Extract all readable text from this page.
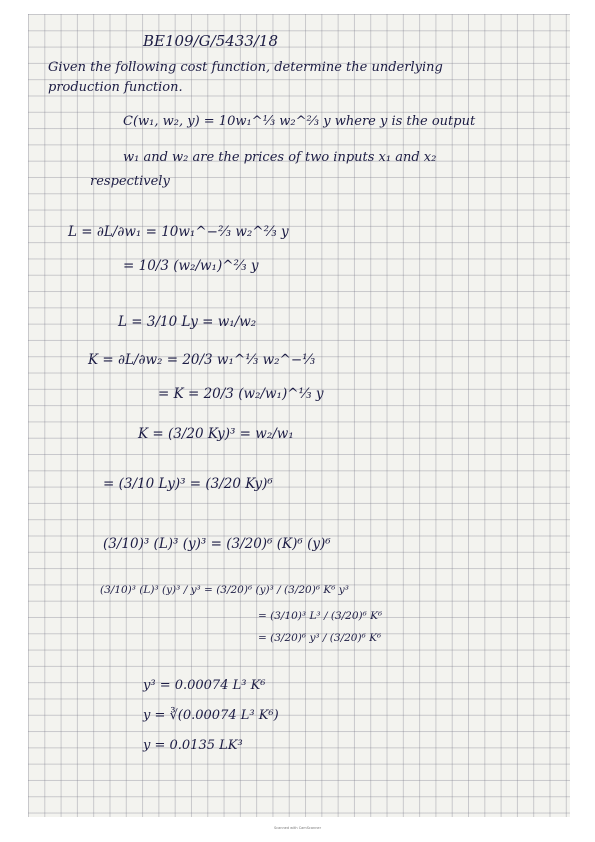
BE109/G/5433/18
Given the following cost function, determine the underlying
production function.
C(w₁, w₂, y) = 10w₁^⅓ w₂^⅔ y where y is the output
w₁ and w₂ are the prices of two inputs x₁ and x₂
respectively
L = ∂L/∂w₁ = 10w₁^−⅔ w₂^⅔ y
= 10/3 (w₂/w₁)^⅔ y
L = 3/10 Ly = w₁/w₂
K = ∂L/∂w₂ = 20/3 w₁^⅓ w₂^−⅓
= K = 20/3 (w₂/w₁)^⅓ y
K = (3/20 Ky)³ = w₂/w₁
= (3/10 Ly)³ = (3/20 Ky)⁶
(3/10)³ (L)³ (y)³ = (3/20)⁶ (K)⁶ (y)⁶
(3/10)³ (L)³ (y)³ / y³ = (3/20)⁶ (y)³ / (3/20)⁶ K⁶ y³
= (3/10)³ L³ / (3/20)⁶ K⁶
= (3/20)⁶ y³ / (3/20)⁶ K⁶
y³ = 0.00074 L³ K⁶
y = ∛(0.00074 L³ K⁶)
y = 0.0135 LK³
Scanned with CamScanner
